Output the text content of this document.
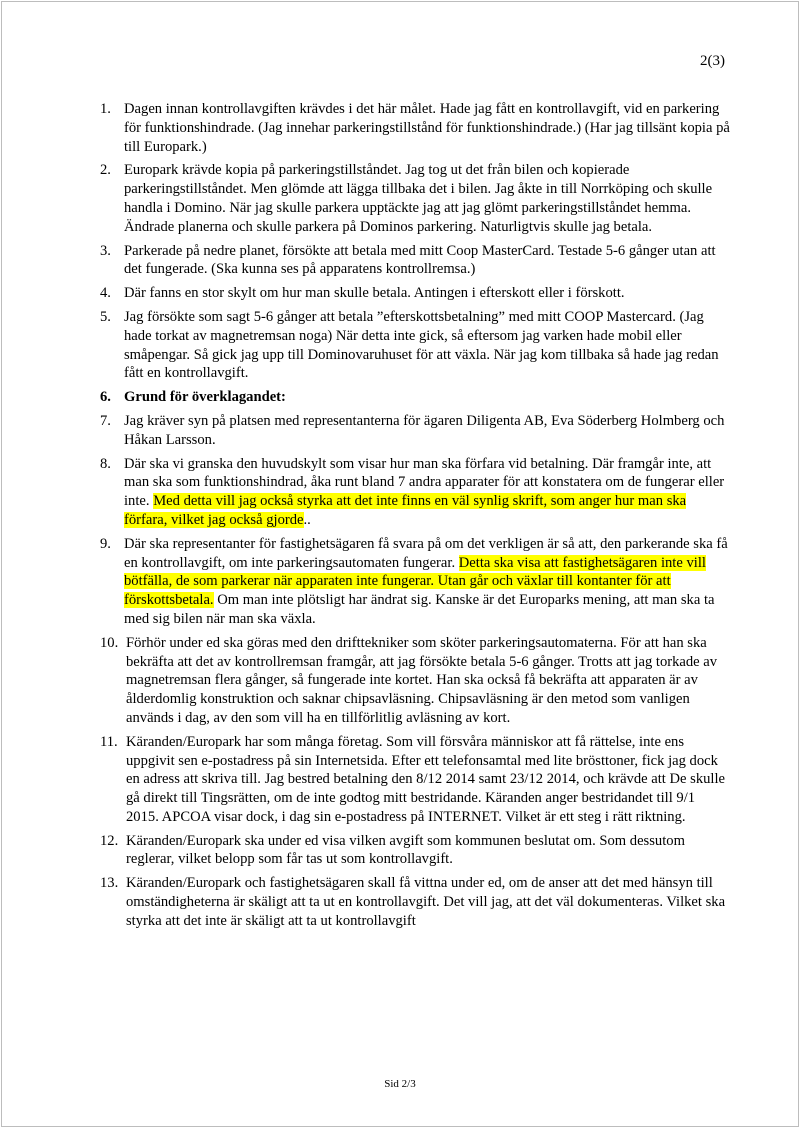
2(3)
1. Dagen innan kontrollavgiften krävdes i det här målet. Hade jag fått en kontrollavgift, vid en parkering för funktionshindrade. (Jag innehar parkeringstillstånd för funktionshindrade.) (Har jag tillsänt kopia på till Europark.)
2. Europark krävde kopia på parkeringstillståndet. Jag tog ut det från bilen och kopierade parkeringstillståndet. Men glömde att lägga tillbaka det i bilen. Jag åkte in till Norrköping och skulle handla i Domino. När jag skulle parkera upptäckte jag att jag glömt parkeringstillståndet hemma. Ändrade planerna och skulle parkera på Dominos parkering. Naturligtvis skulle jag betala.
3. Parkerade på nedre planet, försökte att betala med mitt Coop MasterCard. Testade 5-6 gånger utan att det fungerade. (Ska kunna ses på apparatens kontrollremsa.)
4. Där fanns en stor skylt om hur man skulle betala. Antingen i efterskott eller i förskott.
5. Jag försökte som sagt 5-6 gånger att betala ”efterskottsbetalning” med mitt COOP Mastercard. (Jag hade torkat av magnetremsan noga) När detta inte gick, så eftersom jag varken hade mobil eller småpengar. Så gick jag upp till Dominovaruhuset för att växla. När jag kom tillbaka så hade jag redan fått en kontrollavgift.
6. Grund för överklagandet:
7. Jag kräver syn på platsen med representanterna för ägaren Diligenta AB, Eva Söderberg Holmberg och Håkan Larsson.
8. Där ska vi granska den huvudskylt som visar hur man ska förfara vid betalning. Där framgår inte, att man ska som funktionshindrad, åka runt bland 7 andra apparater för att konstatera om de fungerar eller inte. Med detta vill jag också styrka att det inte finns en väl synlig skrift, som anger hur man ska förfara, vilket jag också gjorde..
9. Där ska representanter för fastighetsägaren få svara på om det verkligen är så att, den parkerande ska få en kontrollavgift, om inte parkeringsautomaten fungerar. Detta ska visa att fastighetsägaren inte vill bötfälla, de som parkerar när apparaten inte fungerar. Utan går och växlar till kontanter för att förskottsbetala. Om man inte plötsligt har ändrat sig. Kanske är det Europarks mening, att man ska ta med sig bilen när man ska växla.
10. Förhör under ed ska göras med den drifttekniker som sköter parkeringsautomaterna. För att han ska bekräfta att det av kontrollremsan framgår, att jag försökte betala 5-6 gånger. Trotts att jag torkade av magnetremsan flera gånger, så fungerade inte kortet. Han ska också få bekräfta att apparaten är av ålderdomlig konstruktion och saknar chipsavläsning. Chipsavläsning är den metod som vanligen används i dag, av den som vill ha en tillförlitlig avläsning av kort.
11. Käranden/Europark har som många företag. Som vill försvåra människor att få rättelse, inte ens uppgivit sen e-postadress på sin Internetsida. Efter ett telefonsamtal med lite brösttoner, fick jag dock en adress att skriva till. Jag bestred betalning den 8/12 2014 samt 23/12 2014, och krävde att De skulle gå direkt till Tingsrätten, om de inte godtog mitt bestridande. Käranden anger bestridandet till 9/1 2015. APCOA visar dock, i dag sin e-postadress på INTERNET. Vilket är ett steg i rätt riktning.
12. Käranden/Europark ska under ed visa vilken avgift som kommunen beslutat om. Som dessutom reglerar, vilket belopp som får tas ut som kontrollavgift.
13. Käranden/Europark och fastighetsägaren skall få vittna under ed, om de anser att det med hänsyn till omständigheterna är skäligt att ta ut en kontrollavgift. Det vill jag, att det väl dokumenteras. Vilket ska styrka att det inte är skäligt att ta ut kontrollavgift
Sid 2/3
